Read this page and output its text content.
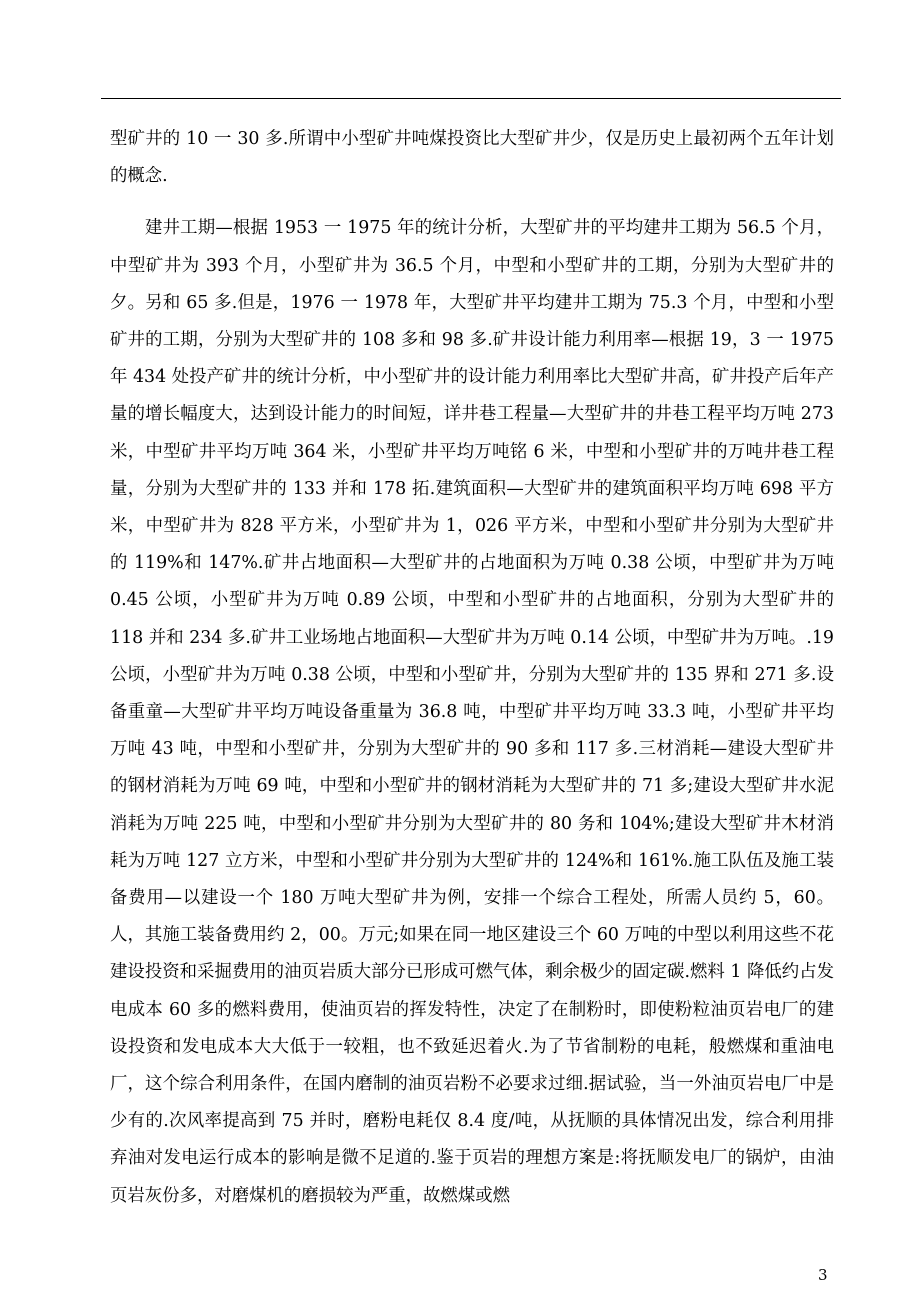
型矿井的 10 一 30 多.所谓中小型矿井吨煤投资比大型矿井少，仅是历史上最初两个五年计划的概念.

建井工期—根据 1953 一 1975 年的统计分析，大型矿井的平均建井工期为 56.5 个月，中型矿井为 393 个月，小型矿井为 36.5 个月，中型和小型矿井的工期，分别为大型矿井的夕。另和 65 多.但是，1976 一 1978 年，大型矿井平均建井工期为 75.3 个月，中型和小型矿井的工期，分别为大型矿井的 108 多和 98 多.矿井设计能力利用率—根据 19，3 一 1975 年 434 处投产矿井的统计分析，中小型矿井的设计能力利用率比大型矿井高，矿井投产后年产量的增长幅度大，达到设计能力的时间短，详井巷工程量—大型矿井的井巷工程平均万吨 273 米，中型矿井平均万吨 364 米，小型矿井平均万吨铭 6 米，中型和小型矿井的万吨井巷工程量，分别为大型矿井的 133 并和 178 拓.建筑面积—大型矿井的建筑面积平均万吨 698 平方米，中型矿井为 828 平方米，小型矿井为 1，026 平方米，中型和小型矿井分别为大型矿井的 119%和 147%.矿井占地面积—大型矿井的占地面积为万吨 0.38 公顷，中型矿井为万吨 0.45 公顷，小型矿井为万吨 0.89 公顷，中型和小型矿井的占地面积，分别为大型矿井的 118 并和 234 多.矿井工业场地占地面积—大型矿井为万吨 0.14 公顷，中型矿井为万吨。.19 公顷，小型矿井为万吨 0.38 公顷，中型和小型矿井，分别为大型矿井的 135 界和 271 多.设备重童—大型矿井平均万吨设备重量为 36.8 吨，中型矿井平均万吨 33.3 吨，小型矿井平均万吨 43 吨，中型和小型矿井，分别为大型矿井的 90 多和 117 多.三材消耗—建设大型矿井的钢材消耗为万吨 69 吨，中型和小型矿井的钢材消耗为大型矿井的 71 多;建设大型矿井水泥消耗为万吨 225 吨，中型和小型矿井分别为大型矿井的 80 务和 104%;建设大型矿井木材消耗为万吨 127 立方米，中型和小型矿井分别为大型矿井的 124%和 161%.施工队伍及施工装备费用—以建设一个 180 万吨大型矿井为例，安排一个综合工程处，所需人员约 5，60。人，其施工装备费用约 2，00。万元;如果在同一地区建设三个 60 万吨的中型以利用这些不花建设投资和采掘费用的油页岩质大部分已形成可燃气体，剩余极少的固定碳.燃料 1 降低约占发电成本 60 多的燃料费用，使油页岩的挥发特性，决定了在制粉时，即使粉粒油页岩电厂的建设投资和发电成本大大低于一较粗，也不致延迟着火.为了节省制粉的电耗，般燃煤和重油电厂，这个综合利用条件，在国内磨制的油页岩粉不必要求过细.据试验，当一外油页岩电厂中是少有的.次风率提高到 75 并时，磨粉电耗仅 8.4 度/吨，从抚顺的具体情况出发，综合利用排弃油对发电运行成本的影响是微不足道的.鉴于页岩的理想方案是:将抚顺发电厂的锅炉，由油页岩灰份多，对磨煤机的磨损较为严重，故燃煤或燃

3
